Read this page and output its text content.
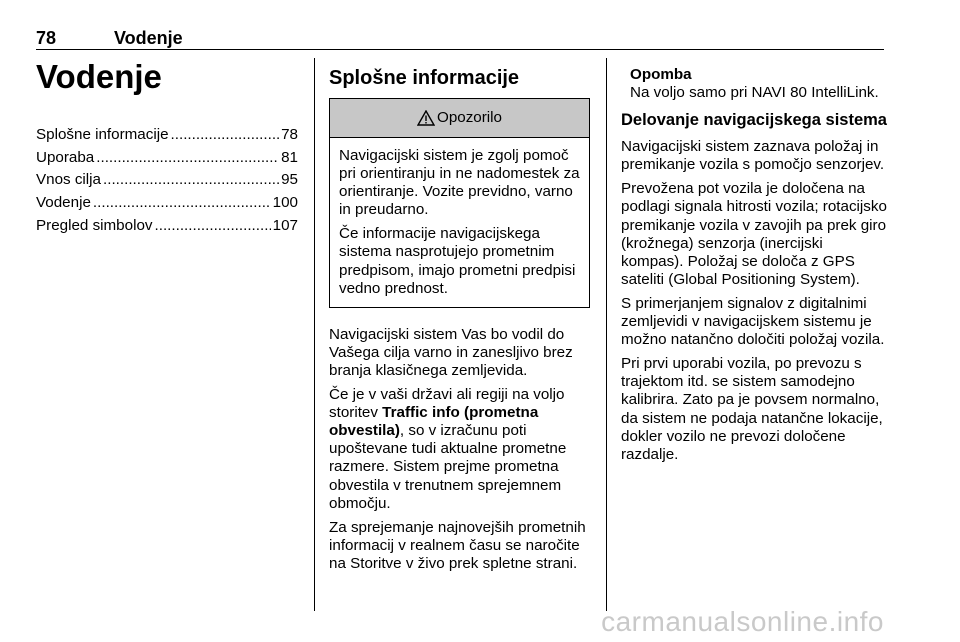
78	Vodenje
Vodenje
Splošne informacije .....	78
Uporaba .....	81
Vnos cilja .....	95
Vodenje .....	100
Pregled simbolov .....	107
Splošne informacije
Opozorilo

Navigacijski sistem je zgolj pomoč pri orientiranju in ne nadomestek za orientiranje. Vozite previdno, varno in preudarno.

Če informacije navigacijskega sistema nasprotujejo prometnim predpisom, imajo prometni predpisi vedno prednost.

Navigacijski sistem Vas bo vodil do Vašega cilja varno in zanesljivo brez branja klasičnega zemljevida.

Če je v vaši državi ali regiji na voljo storitev Traffic info (prometna obvestila), so v izračunu poti upoštevane tudi aktualne prometne razmere. Sistem prejme prometna obvestila v trenutnem sprejemnem območju.

Za sprejemanje najnovejših prometnih informacij v realnem času se naročite na Storitve v živo prek spletne strani.

Opomba

Na voljo samo pri NAVI 80 IntelliLink.

Delovanje navigacijskega sistema

Navigacijski sistem zaznava položaj in premikanje vozila s pomočjo senzorjev.

Prevožena pot vozila je določena na podlagi signala hitrosti vozila; rotacijsko premikanje vozila v zavojih pa prek giro (krožnega) senzorja (inercijski kompas). Položaj se določa z GPS sateliti (Global Positioning System).

S primerjanjem signalov z digitalnimi zemljevidi v navigacijskem sistemu je možno natančno določiti položaj vozila.

Pri prvi uporabi vozila, po prevozu s trajektom itd. se sistem samodejno kalibrira. Zato pa je povsem normalno, da sistem ne podaja natančne lokacije, dokler vozilo ne prevozi določene razdalje.

carmanualsonline.info
